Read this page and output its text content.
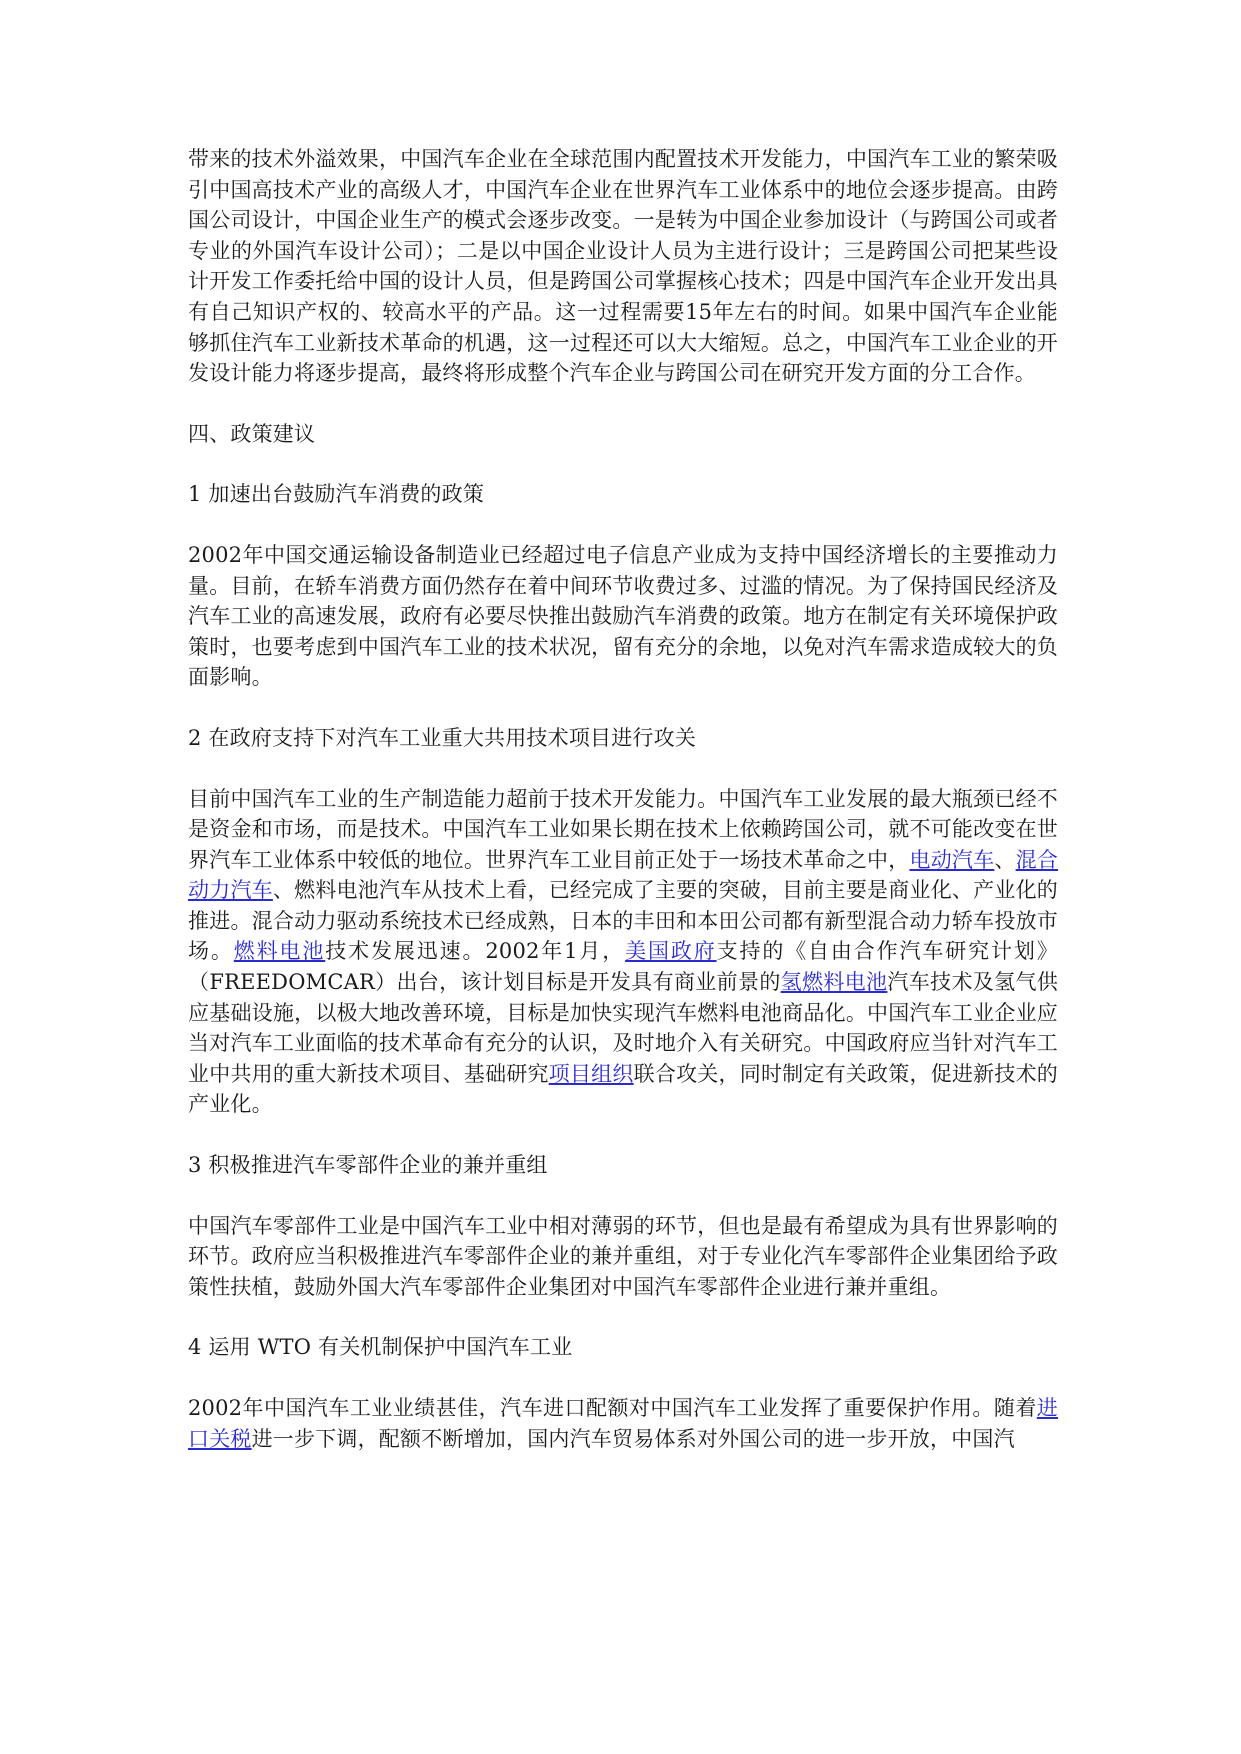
带来的技术外溢效果，中国汽车企业在全球范围内配置技术开发能力，中国汽车工业的繁荣吸引中国高技术产业的高级人才，中国汽车企业在世界汽车工业体系中的地位会逐步提高。由跨国公司设计，中国企业生产的模式会逐步改变。一是转为中国企业参加设计（与跨国公司或者专业的外国汽车设计公司）；二是以中国企业设计人员为主进行设计；三是跨国公司把某些设计开发工作委托给中国的设计人员，但是跨国公司掌握核心技术；四是中国汽车企业开发出具有自己知识产权的、较高水平的产品。这一过程需要15年左右的时间。如果中国汽车企业能够抓住汽车工业新技术革命的机遇，这一过程还可以大大缩短。总之，中国汽车工业企业的开发设计能力将逐步提高，最终将形成整个汽车企业与跨国公司在研究开发方面的分工合作。

四、政策建议

1 加速出台鼓励汽车消费的政策

2002年中国交通运输设备制造业已经超过电子信息产业成为支持中国经济增长的主要推动力量。目前，在轿车消费方面仍然存在着中间环节收费过多、过滥的情况。为了保持国民经济及汽车工业的高速发展，政府有必要尽快推出鼓励汽车消费的政策。地方在制定有关环境保护政策时，也要考虑到中国汽车工业的技术状况，留有充分的余地，以免对汽车需求造成较大的负面影响。

2 在政府支持下对汽车工业重大共用技术项目进行攻关

目前中国汽车工业的生产制造能力超前于技术开发能力。中国汽车工业发展的最大瓶颈已经不是资金和市场，而是技术。中国汽车工业如果长期在技术上依赖跨国公司，就不可能改变在世界汽车工业体系中较低的地位。世界汽车工业目前正处于一场技术革命之中，电动汽车、混合动力汽车、燃料电池汽车从技术上看，已经完成了主要的突破，目前主要是商业化、产业化的推进。混合动力驱动系统技术已经成熟，日本的丰田和本田公司都有新型混合动力轿车投放市场。燃料电池技术发展迅速。2002年1月，美国政府支持的《自由合作汽车研究计划》（FREEDOMCAR）出台，该计划目标是开发具有商业前景的氢燃料电池汽车技术及氢气供应基础设施，以极大地改善环境，目标是加快实现汽车燃料电池商品化。中国汽车工业企业应当对汽车工业面临的技术革命有充分的认识，及时地介入有关研究。中国政府应当针对汽车工业中共用的重大新技术项目、基础研究项目组织联合攻关，同时制定有关政策，促进新技术的产业化。

3 积极推进汽车零部件企业的兼并重组

中国汽车零部件工业是中国汽车工业中相对薄弱的环节，但也是最有希望成为具有世界影响的环节。政府应当积极推进汽车零部件企业的兼并重组，对于专业化汽车零部件企业集团给予政策性扶植，鼓励外国大汽车零部件企业集团对中国汽车零部件企业进行兼并重组。

4 运用 WTO 有关机制保护中国汽车工业

2002年中国汽车工业业绩甚佳，汽车进口配额对中国汽车工业发挥了重要保护作用。随着进口关税进一步下调，配额不断增加，国内汽车贸易体系对外国公司的进一步开放，中国汽
